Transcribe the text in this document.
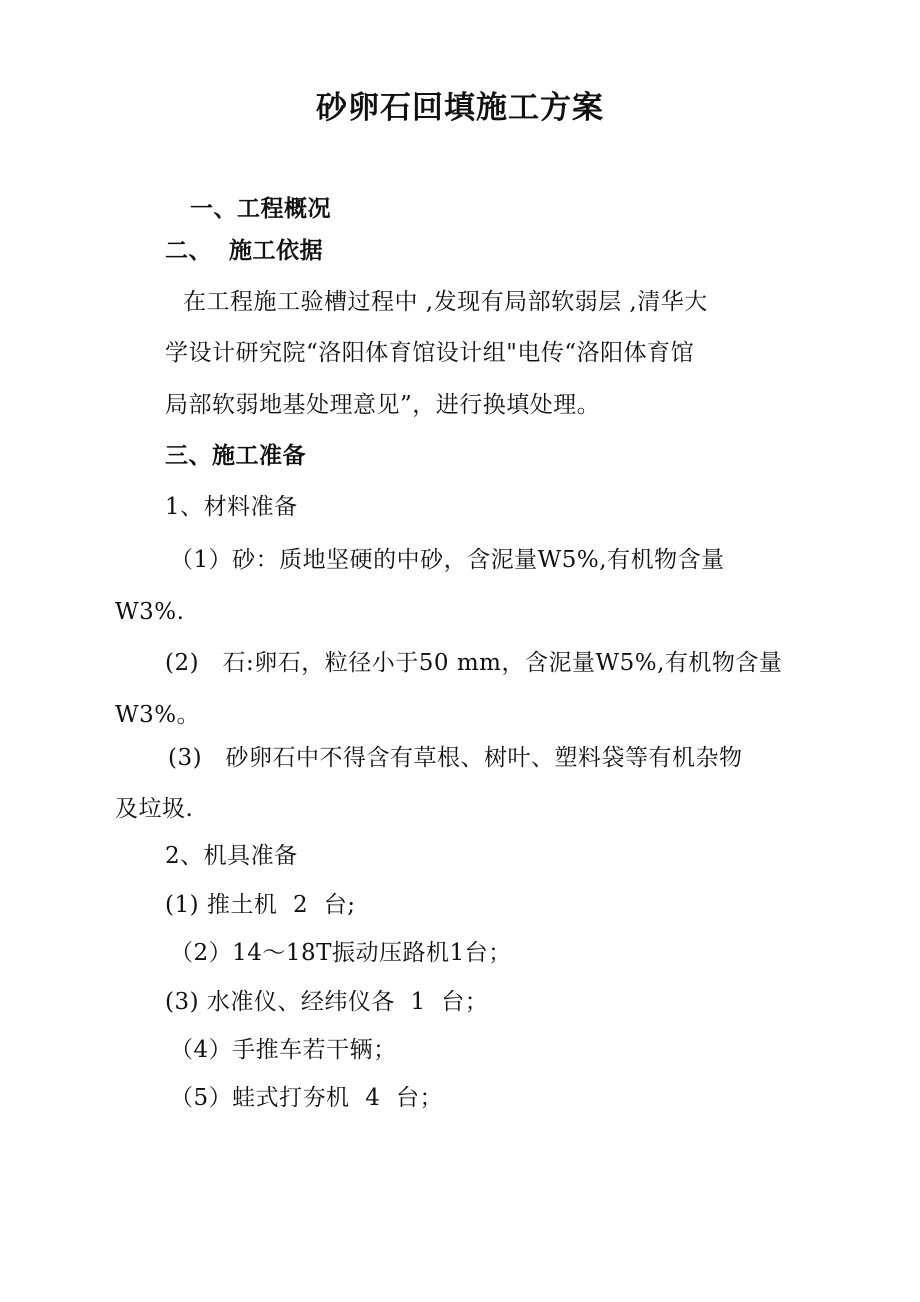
砂卵石回填施工方案
一、工程概况
二、  施工依据
在工程施工验槽过程中 ,发现有局部软弱层 ,清华大
学设计研究院“洛阳体育馆设计组"电传“洛阳体育馆
局部软弱地基处理意见”，进行换填处理。
三、施工准备
1、材料准备
（1）砂：质地坚硬的中砂，含泥量W5%,有机物含量
W3%.
(2)   石:卵石，粒径小于50 mm，含泥量W5%,有机物含量
W3%。
(3)   砂卵石中不得含有草根、树叶、塑料袋等有机杂物
及垃圾.
2、机具准备
(1) 推土机  2  台;
（2）14〜18T振动压路机1台；
(3) 水准仪、经纬仪各  1  台；
（4）手推车若干辆；
（5）蛙式打夯机  4  台；
